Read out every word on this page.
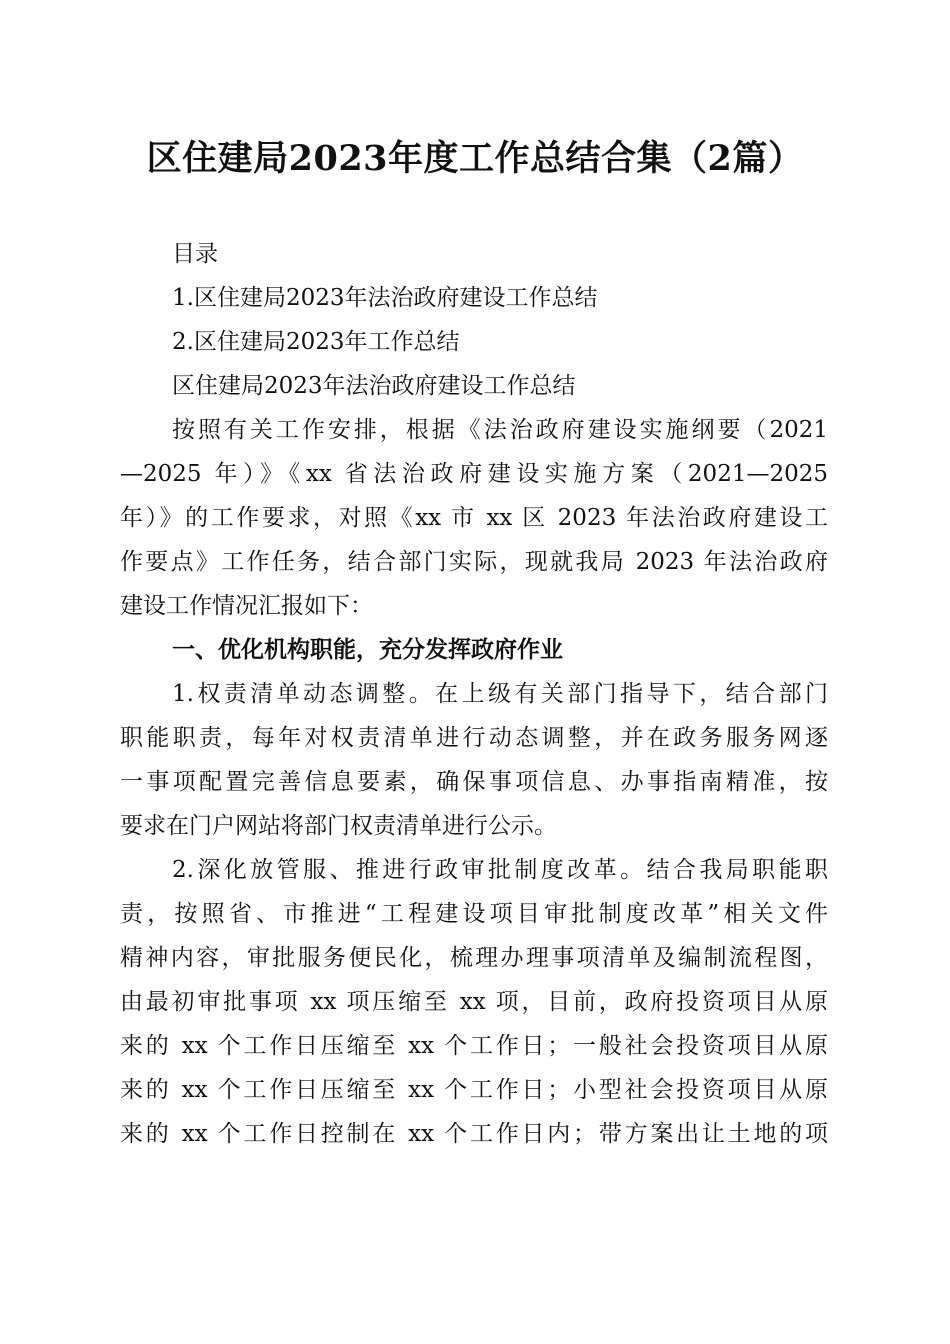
区住建局2023年度工作总结合集（2篇）
目录
1.区住建局2023年法治政府建设工作总结
2.区住建局2023年工作总结
区住建局2023年法治政府建设工作总结
按照有关工作安排，根据《法治政府建设实施纲要（2021
—2025 年）》《xx 省法治政府建设实施方案（2021—2025
年）》的工作要求，对照《xx 市 xx 区 2023 年法治政府建设工
作要点》工作任务，结合部门实际，现就我局 2023 年法治政府
建设工作情况汇报如下：
一、优化机构职能，充分发挥政府作业
1.权责清单动态调整。在上级有关部门指导下，结合部门
职能职责，每年对权责清单进行动态调整，并在政务服务网逐
一事项配置完善信息要素，确保事项信息、办事指南精准，按
要求在门户网站将部门权责清单进行公示。
2.深化放管服、推进行政审批制度改革。结合我局职能职
责，按照省、市推进“工程建设项目审批制度改革”相关文件
精神内容，审批服务便民化，梳理办理事项清单及编制流程图，
由最初审批事项 xx 项压缩至 xx 项，目前，政府投资项目从原
来的 xx 个工作日压缩至 xx 个工作日；一般社会投资项目从原
来的 xx 个工作日压缩至 xx 个工作日；小型社会投资项目从原
来的 xx 个工作日控制在 xx 个工作日内；带方案出让土地的项
